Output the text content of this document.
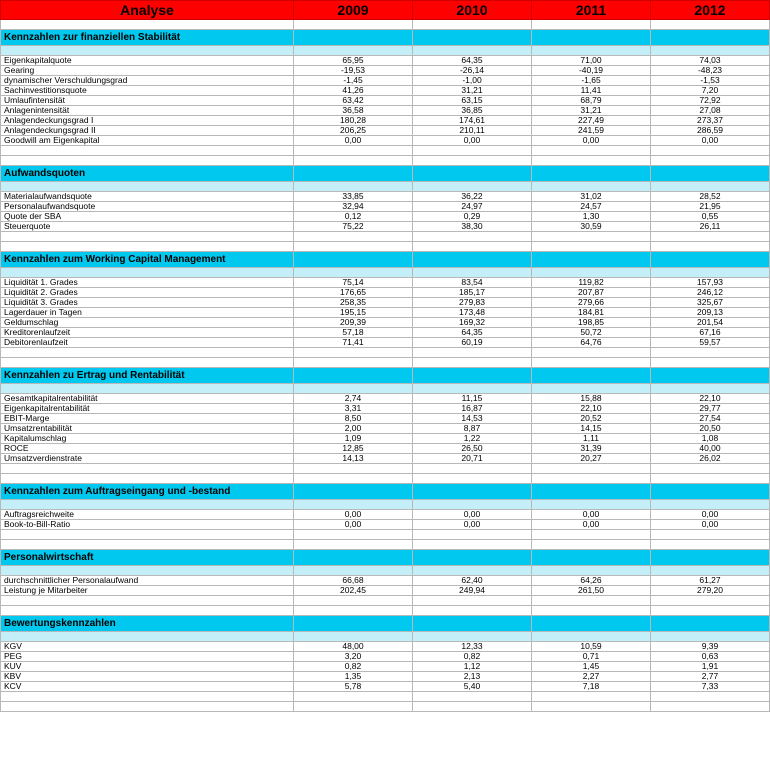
Analyse	2009	2010	2011	2012

Kennzahlen zur finanziellen Stabilität				

Eigenkapitalquote	65,95	64,35	71,00	74,03
Gearing	-19,53	-26,14	-40,19	-48,23
dynamischer Verschuldungsgrad	-1,45	-1,00	-1,65	-1,53
Sachinvestitionsquote	41,26	31,21	11,41	7,20
Umlaufintensität	63,42	63,15	68,79	72,92
Anlagenintensität	36,58	36,85	31,21	27,08
Anlagendeckungsgrad I	180,28	174,61	227,49	273,37
Anlagendeckungsgrad II	206,25	210,11	241,59	286,59
Goodwill am Eigenkapital	0,00	0,00	0,00	0,00

Aufwandsquoten				

Materialaufwandsquote	33,85	36,22	31,02	28,52
Personalaufwandsquote	32,94	24,97	24,57	21,95
Quote der SBA	0,12	0,29	1,30	0,55
Steuerquote	75,22	38,30	30,59	26,11

Kennzahlen zum Working Capital Management				

Liquidität 1. Grades	75,14	83,54	119,82	157,93
Liquidität 2. Grades	176,65	185,17	207,87	246,12
Liquidität 3. Grades	258,35	279,83	279,66	325,67
Lagerdauer in Tagen	195,15	173,48	184,81	209,13
Geldumschlag	209,39	169,32	198,85	201,54
Kreditorenlaufzeit	57,18	64,35	50,72	67,16
Debitorenlaufzeit	71,41	60,19	64,76	59,57

Kennzahlen zu Ertrag und Rentabilität				

Gesamtkapitalrentabilität	2,74	11,15	15,88	22,10
Eigenkapitalrentabilität	3,31	16,87	22,10	29,77
EBIT-Marge	8,50	14,53	20,52	27,54
Umsatzrentabilität	2,00	8,87	14,15	20,50
Kapitalumschlag	1,09	1,22	1,11	1,08
ROCE	12,85	26,50	31,39	40,00
Umsatzverdienstrate	14,13	20,71	20,27	26,02

Kennzahlen zum Auftragseingang und -bestand				

Auftragsreichweite	0,00	0,00	0,00	0,00
Book-to-Bill-Ratio	0,00	0,00	0,00	0,00

Personalwirtschaft				

durchschnittlicher Personalaufwand	66,68	62,40	64,26	61,27
Leistung je Mitarbeiter	202,45	249,94	261,50	279,20

Bewertungskennzahlen				

KGV	48,00	12,33	10,59	9,39
PEG	3,20	0,82	0,71	0,63
KUV	0,82	1,12	1,45	1,91
KBV	1,35	2,13	2,27	2,77
KCV	5,78	5,40	7,18	7,33
